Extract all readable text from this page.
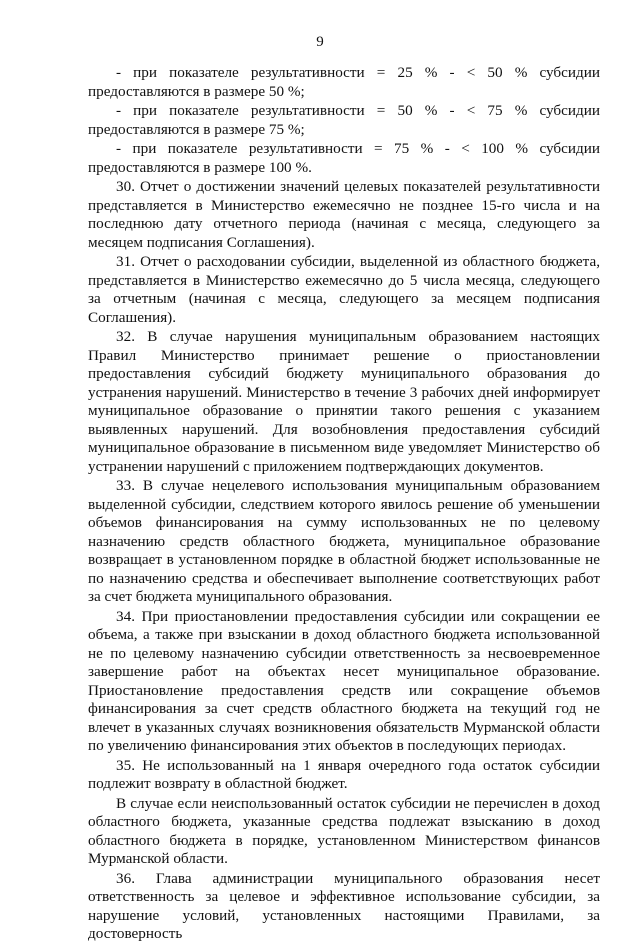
9

- при показателе результативности = 25 % - < 50 % субсидии предоставляются в размере 50 %;

- при показателе результативности = 50 % - < 75 % субсидии предоставляются в размере 75 %;

- при показателе результативности = 75 % - < 100 % субсидии предоставляются в размере 100 %.

30. Отчет о достижении значений целевых показателей результативности представляется в Министерство ежемесячно не позднее 15-го числа и на последнюю дату отчетного периода (начиная с месяца, следующего за месяцем подписания Соглашения).

31. Отчет о расходовании субсидии, выделенной из областного бюджета, представляется в Министерство ежемесячно до 5 числа месяца, следующего за отчетным (начиная с месяца, следующего за месяцем подписания Соглашения).

32. В случае нарушения муниципальным образованием настоящих Правил Министерство принимает решение о приостановлении предоставления субсидий бюджету муниципального образования до устранения нарушений. Министерство в течение 3 рабочих дней информирует муниципальное образование о принятии такого решения с указанием выявленных нарушений. Для возобновления предоставления субсидий муниципальное образование в письменном виде уведомляет Министерство об устранении нарушений с приложением подтверждающих документов.

33. В случае нецелевого использования муниципальным образованием выделенной субсидии, следствием которого явилось решение об уменьшении объемов финансирования на сумму использованных не по целевому назначению средств областного бюджета, муниципальное образование возвращает в установленном порядке в областной бюджет использованные не по назначению средства и обеспечивает выполнение соответствующих работ за счет бюджета муниципального образования.

34. При приостановлении предоставления субсидии или сокращении ее объема, а также при взыскании в доход областного бюджета использованной не по целевому назначению субсидии ответственность за несвоевременное завершение работ на объектах несет муниципальное образование. Приостановление предоставления средств или сокращение объемов финансирования за счет средств областного бюджета на текущий год не влечет в указанных случаях возникновения обязательств Мурманской области по увеличению финансирования этих объектов в последующих периодах.

35. Не использованный на 1 января очередного года остаток субсидии подлежит возврату в областной бюджет.

В случае если неиспользованный остаток субсидии не перечислен в доход областного бюджета, указанные средства подлежат взысканию в доход областного бюджета в порядке, установленном Министерством финансов Мурманской области.

36. Глава администрации муниципального образования несет ответственность за целевое и эффективное использование субсидии, за нарушение условий, установленных настоящими Правилами, за достоверность
